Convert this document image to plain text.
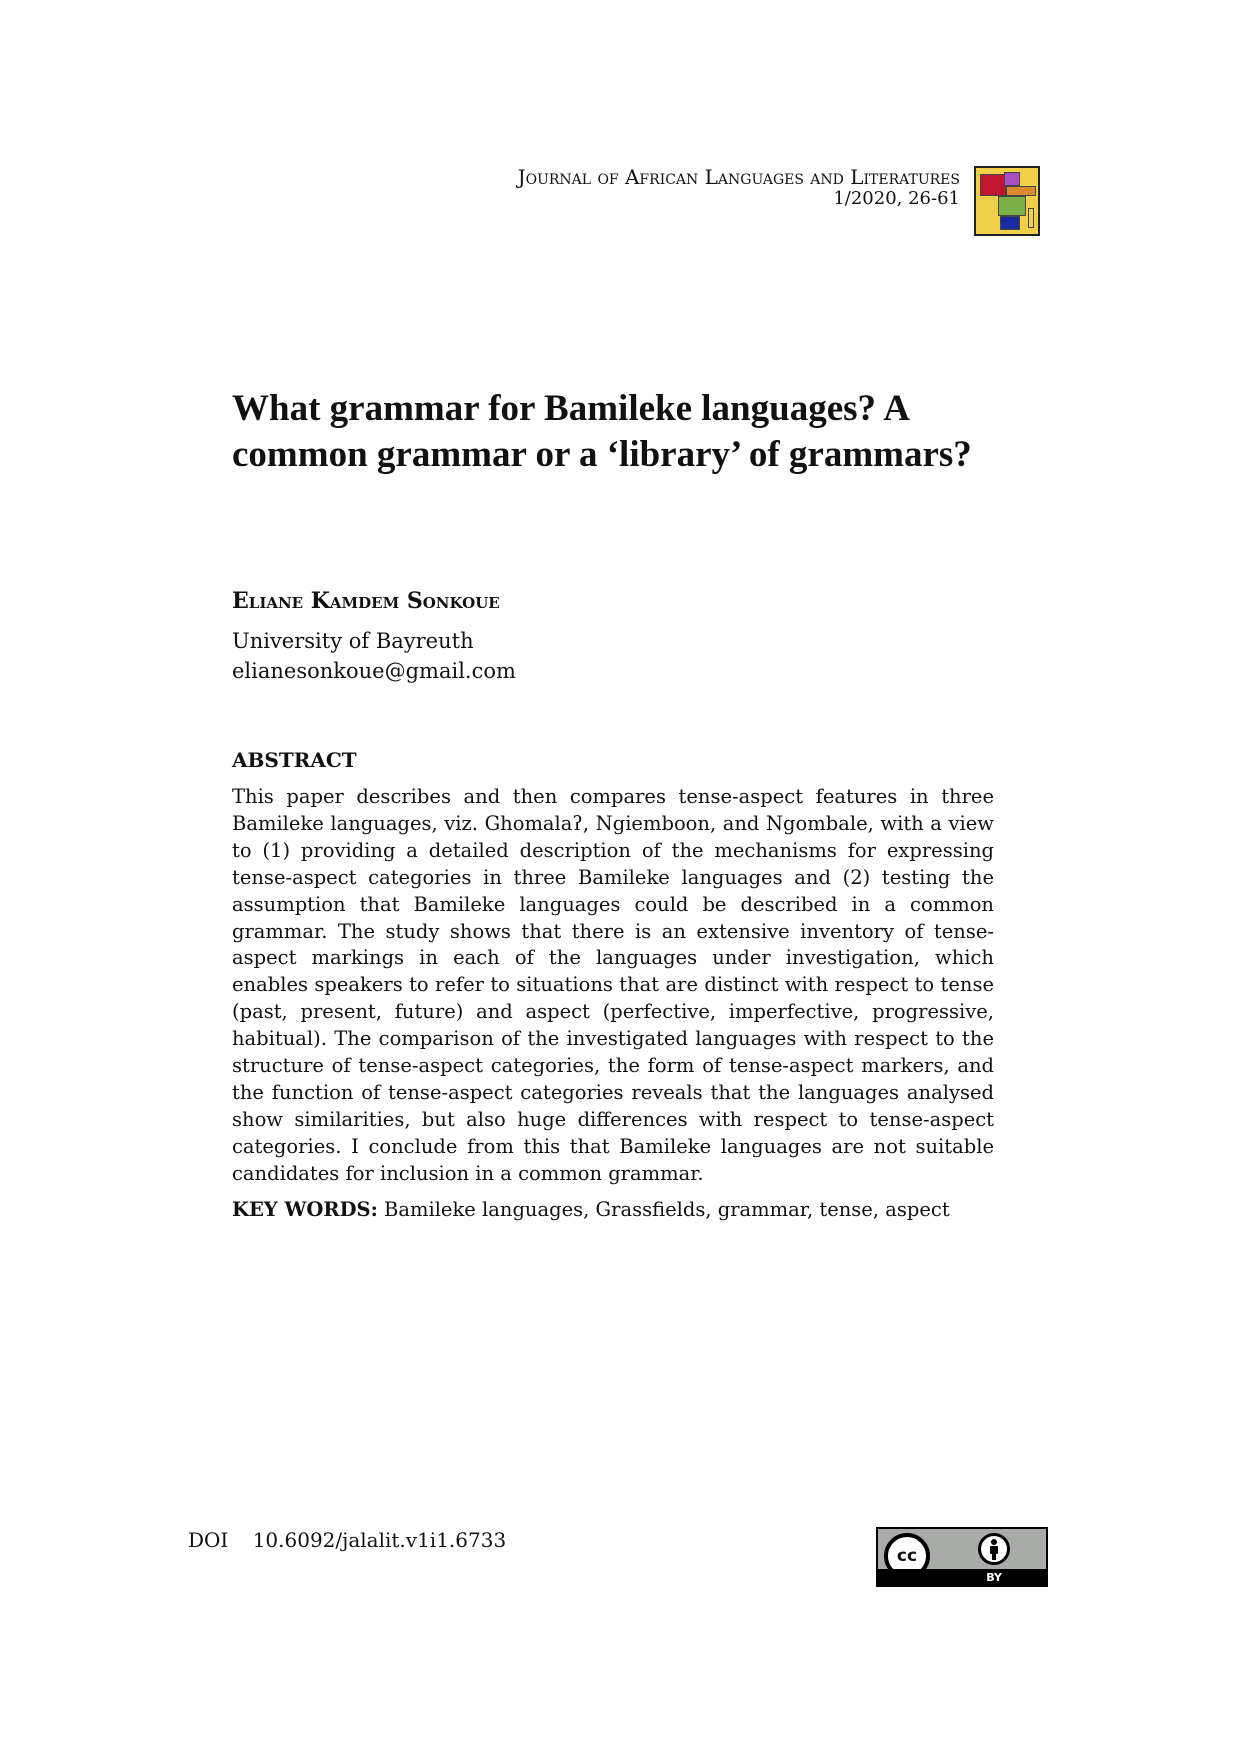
Journal of African Languages and Literatures
1/2020, 26-61
What grammar for Bamileke languages? A common grammar or a ‘library’ of grammars?

Eliane Kamdem Sonkoue

University of Bayreuth
elianesonkoue@gmail.com
ABSTRACT

This paper describes and then compares tense-aspect features in three Bamileke languages, viz. Ghomalaʔ, Ngiemboon, and Ngombale, with a view to (1) providing a detailed description of the mechanisms for expressing tense-aspect categories in three Bamileke languages and (2) testing the assumption that Bamileke languages could be described in a common grammar. The study shows that there is an extensive inventory of tense-aspect markings in each of the languages under investigation, which enables speakers to refer to situations that are distinct with respect to tense (past, present, future) and aspect (perfective, imperfective, progressive, habitual). The comparison of the investigated languages with respect to the structure of tense-aspect categories, the form of tense-aspect markers, and the function of tense-aspect categories reveals that the languages analysed show similarities, but also huge differences with respect to tense-aspect categories. I conclude from this that Bamileke languages are not suitable candidates for inclusion in a common grammar.

KEY WORDS: Bamileke languages, Grassfields, grammar, tense, aspect

DOI 10.6092/jalalit.v1i1.6733
cc
BY
